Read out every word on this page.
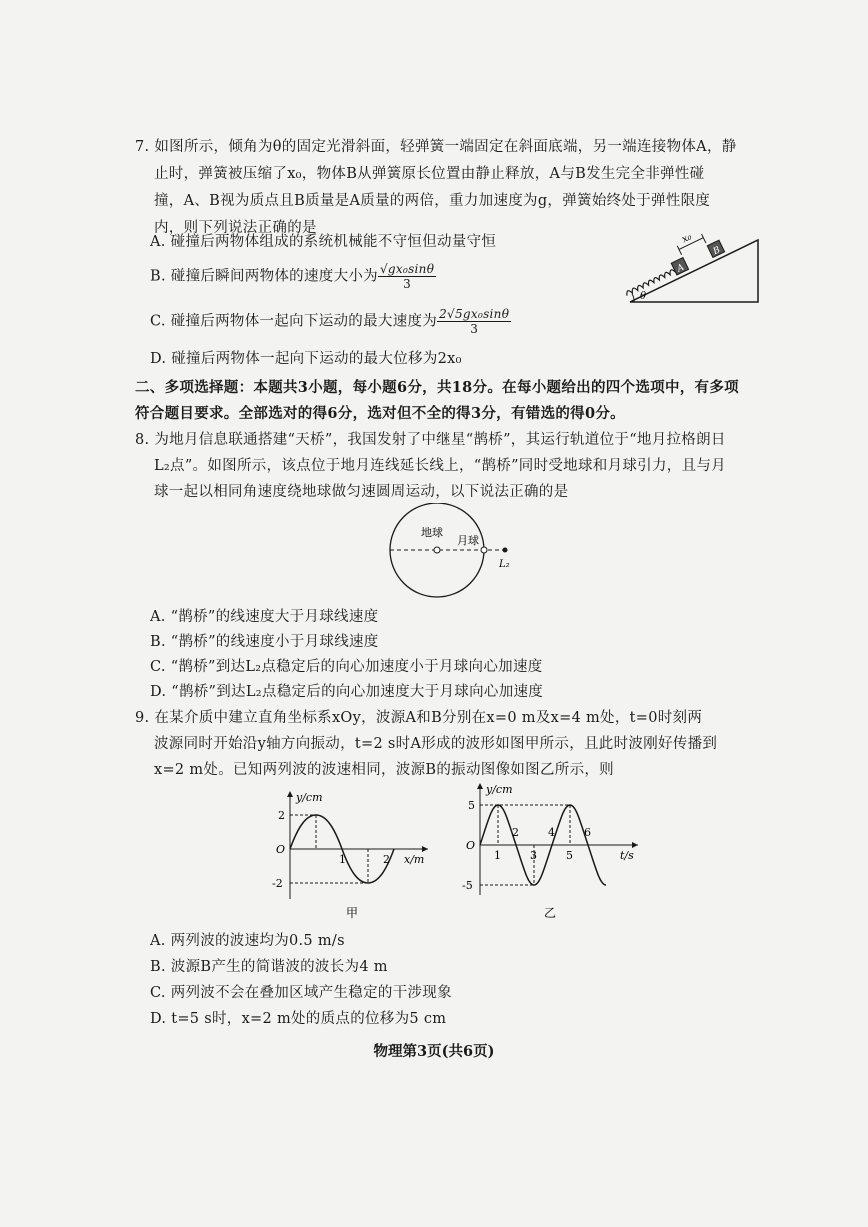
7. 如图所示，倾角为θ的固定光滑斜面，轻弹簧一端固定在斜面底端，另一端连接物体A，静
止时，弹簧被压缩了x₀，物体B从弹簧原长位置由静止释放，A与B发生完全非弹性碰
撞，A、B视为质点且B质量是A质量的两倍，重力加速度为g，弹簧始终处于弹性限度
内，则下列说法正确的是
A. 碰撞后两物体组成的系统机械能不守恒但动量守恒
B. 碰撞后瞬间两物体的速度大小为 $\frac{\text{√gx₀sinθ}}{3}$
C. 碰撞后两物体一起向下运动的最大速度为 $\frac{\text{2√5gx₀sinθ}}{3}$
D. 碰撞后两物体一起向下运动的最大位移为2x₀
θ
A
B
x₀
二、多项选择题：本题共3小题，每小题6分，共18分。在每小题给出的四个选项中，有多项
符合题目要求。全部选对的得6分，选对但不全的得3分，有错选的得0分。
8. 为地月信息联通搭建“天桥”，我国发射了中继星“鹊桥”，其运行轨道位于“地月拉格朗日
L₂点”。如图所示，该点位于地月连线延长线上，“鹊桥”同时受地球和月球引力，且与月
球一起以相同角速度绕地球做匀速圆周运动，以下说法正确的是
地球
月球
L₂
A. “鹊桥”的线速度大于月球线速度
B. “鹊桥”的线速度小于月球线速度
C. “鹊桥”到达L₂点稳定后的向心加速度小于月球向心加速度
D. “鹊桥”到达L₂点稳定后的向心加速度大于月球向心加速度
9. 在某介质中建立直角坐标系xOy，波源A和B分别在x=0 m及x=4 m处，t=0时刻两
波源同时开始沿y轴方向振动，t=2 s时A形成的波形如图甲所示，且此时波刚好传播到
x=2 m处。已知两列波的波速相同，波源B的振动图像如图乙所示，则
y/cm
x/m
2
O
1	2
-2
甲
y/cm
t/s
5
O
1
2
3
4
5
6
-5
乙
A. 两列波的波速均为0.5 m/s
B. 波源B产生的简谐波的波长为4 m
C. 两列波不会在叠加区域产生稳定的干涉现象
D. t=5 s时，x=2 m处的质点的位移为5 cm
物理第3页(共6页)
